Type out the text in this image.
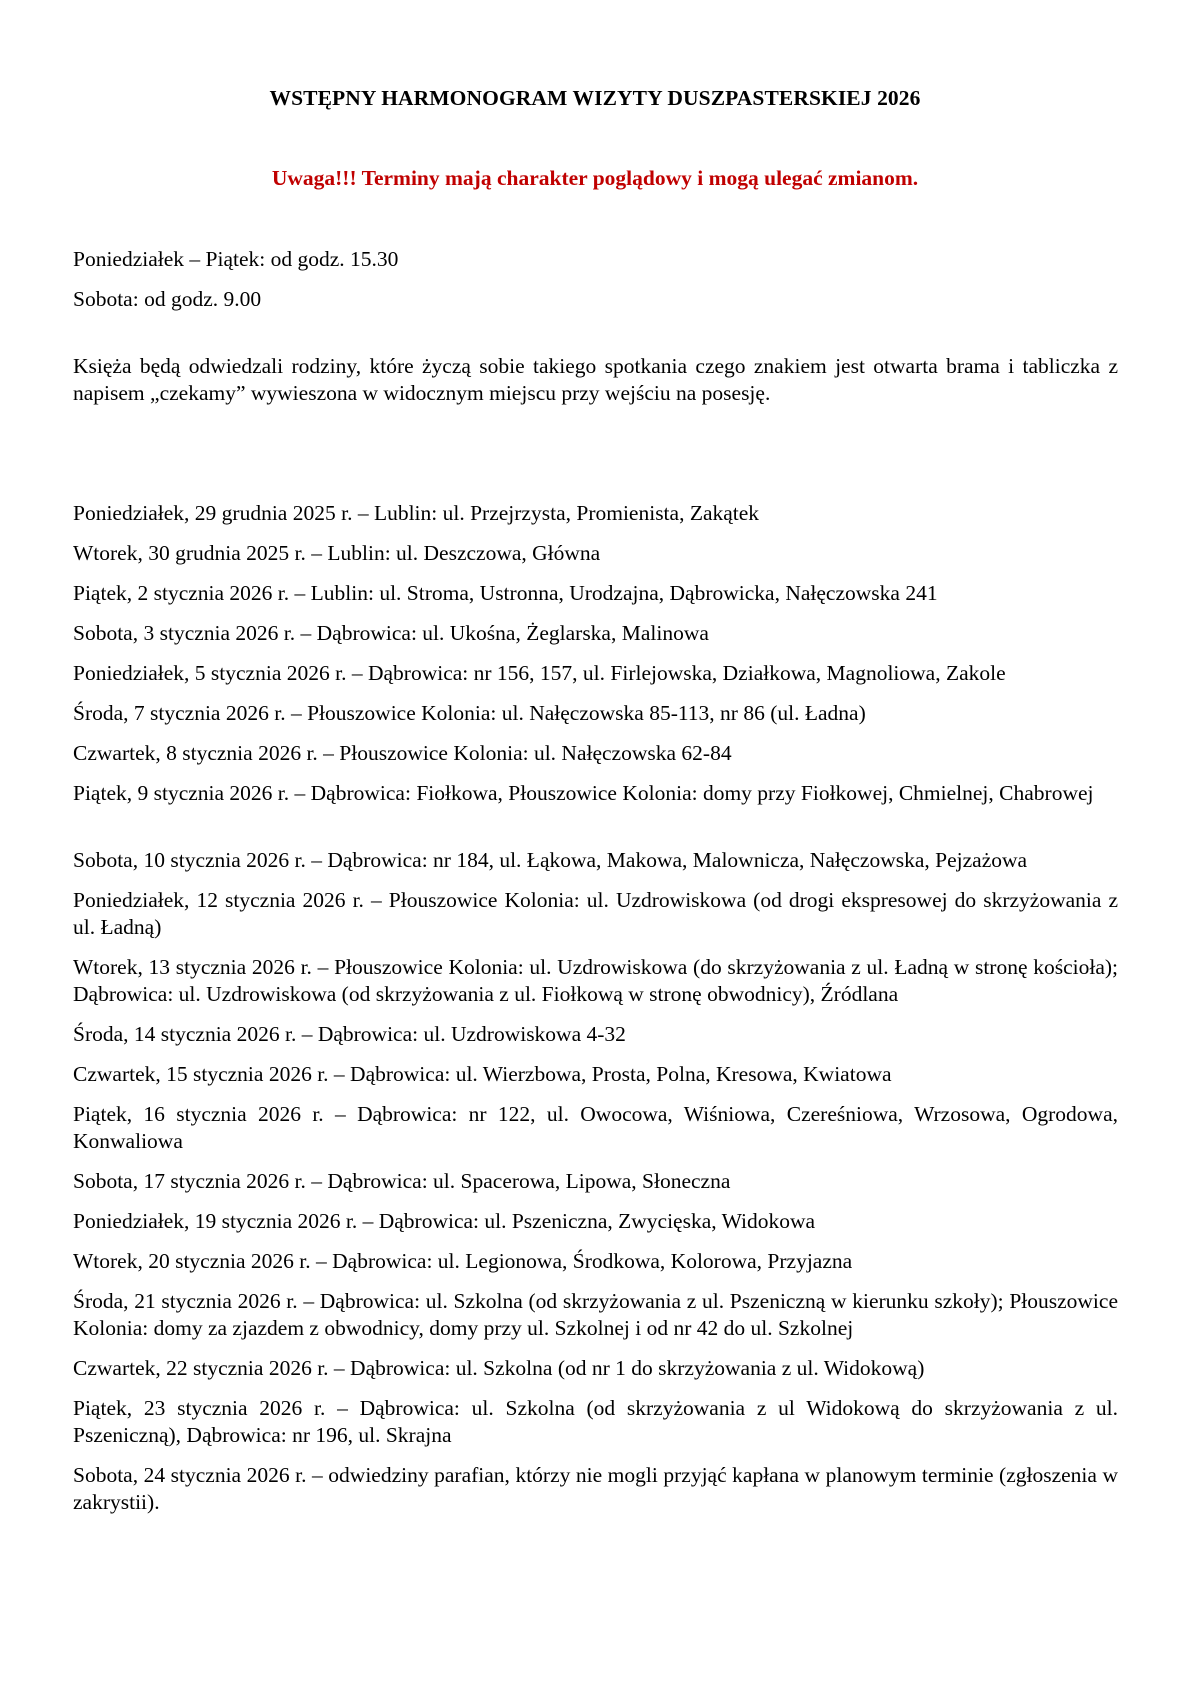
WSTĘPNY HARMONOGRAM WIZYTY DUSZPASTERSKIEJ 2026
Uwaga!!! Terminy mają charakter poglądowy i mogą ulegać zmianom.
Poniedziałek – Piątek: od godz. 15.30
Sobota: od godz. 9.00
Księża będą odwiedzali rodziny, które życzą sobie takiego spotkania czego znakiem jest otwarta brama i tabliczka z napisem „czekamy” wywieszona w widocznym miejscu przy wejściu na posesję.
Poniedziałek, 29 grudnia 2025 r. – Lublin: ul. Przejrzysta, Promienista, Zakątek
Wtorek, 30 grudnia 2025 r. – Lublin: ul. Deszczowa, Główna
Piątek, 2 stycznia 2026 r. – Lublin: ul. Stroma, Ustronna, Urodzajna, Dąbrowicka, Nałęczowska 241
Sobota, 3 stycznia 2026 r. – Dąbrowica: ul. Ukośna, Żeglarska, Malinowa
Poniedziałek, 5 stycznia 2026 r. – Dąbrowica: nr 156, 157, ul. Firlejowska, Działkowa, Magnoliowa, Zakole
Środa, 7 stycznia 2026 r. – Płouszowice Kolonia: ul. Nałęczowska 85-113, nr 86 (ul. Ładna)
Czwartek, 8 stycznia 2026 r. – Płouszowice Kolonia: ul. Nałęczowska 62-84
Piątek, 9 stycznia 2026 r. – Dąbrowica: Fiołkowa, Płouszowice Kolonia: domy przy Fiołkowej, Chmielnej, Chabrowej
Sobota, 10 stycznia 2026 r. – Dąbrowica: nr 184, ul. Łąkowa, Makowa, Malownicza, Nałęczowska, Pejzażowa
Poniedziałek, 12 stycznia 2026 r. – Płouszowice Kolonia: ul. Uzdrowiskowa (od drogi ekspresowej do skrzyżowania z ul. Ładną)
Wtorek, 13 stycznia 2026 r. – Płouszowice Kolonia: ul. Uzdrowiskowa (do skrzyżowania z ul. Ładną w stronę kościoła); Dąbrowica: ul. Uzdrowiskowa (od skrzyżowania z ul. Fiołkową w stronę obwodnicy), Źródlana
Środa, 14 stycznia 2026 r. – Dąbrowica: ul. Uzdrowiskowa 4-32
Czwartek, 15 stycznia 2026 r. – Dąbrowica: ul. Wierzbowa, Prosta, Polna, Kresowa, Kwiatowa
Piątek, 16 stycznia 2026 r. – Dąbrowica: nr 122, ul. Owocowa, Wiśniowa, Czereśniowa, Wrzosowa, Ogrodowa, Konwaliowa
Sobota, 17 stycznia 2026 r. – Dąbrowica: ul. Spacerowa, Lipowa, Słoneczna
Poniedziałek, 19 stycznia 2026 r. – Dąbrowica: ul. Pszeniczna, Zwycięska, Widokowa
Wtorek, 20 stycznia 2026 r. – Dąbrowica: ul. Legionowa, Środkowa, Kolorowa, Przyjazna
Środa, 21 stycznia 2026 r. – Dąbrowica: ul. Szkolna (od skrzyżowania z ul. Pszeniczną w kierunku szkoły); Płouszowice Kolonia: domy za zjazdem z obwodnicy, domy przy ul. Szkolnej i od nr 42 do ul. Szkolnej
Czwartek, 22 stycznia 2026 r. – Dąbrowica: ul. Szkolna (od nr 1 do skrzyżowania z ul. Widokową)
Piątek, 23 stycznia 2026 r. – Dąbrowica: ul. Szkolna (od skrzyżowania z ul Widokową do skrzyżowania z ul. Pszeniczną), Dąbrowica: nr 196, ul. Skrajna
Sobota, 24 stycznia 2026 r. – odwiedziny parafian, którzy nie mogli przyjąć kapłana w planowym terminie (zgłoszenia w zakrystii).
